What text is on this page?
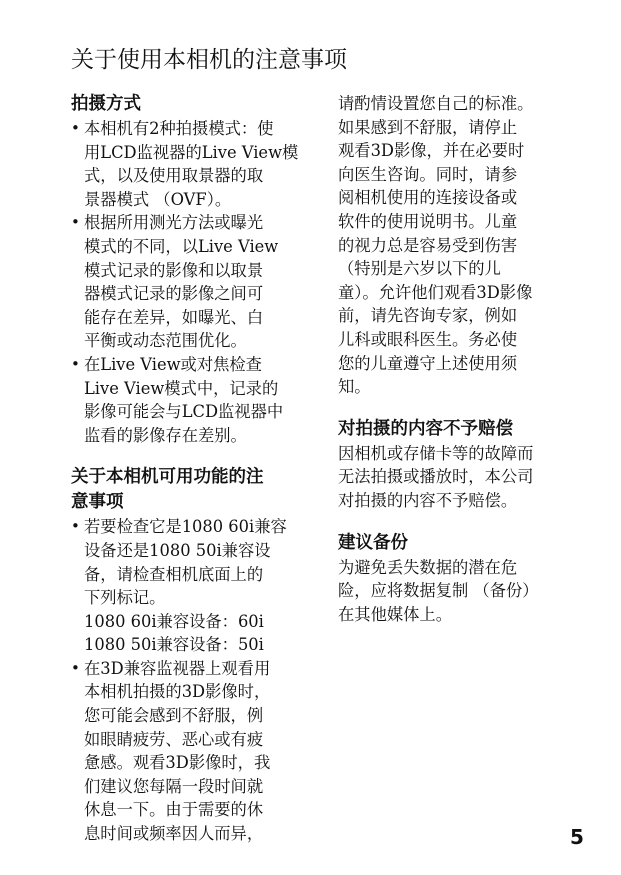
关于使用本相机的注意事项
拍摄方式
• 本相机有2种拍摄模式：使
用LCD监视器的Live View模
式，以及使用取景器的取
景器模式 （OVF）。
• 根据所用测光方法或曝光
模式的不同，以Live View
模式记录的影像和以取景
器模式记录的影像之间可
能存在差异，如曝光、白
平衡或动态范围优化。
• 在Live View或对焦检查
Live View模式中，记录的
影像可能会与LCD监视器中
监看的影像存在差别。
关于本相机可用功能的注
意事项
• 若要检查它是1080 60i兼容
设备还是1080 50i兼容设
备，请检查相机底面上的
下列标记。

1080 60i兼容设备：60i
1080 50i兼容设备：50i

• 在3D兼容监视器上观看用
本相机拍摄的3D影像时，
您可能会感到不舒服，例
如眼睛疲劳、恶心或有疲
惫感。观看3D影像时，我
们建议您每隔一段时间就
休息一下。由于需要的休
息时间或频率因人而异，

请酌情设置您自己的标准。
如果感到不舒服，请停止
观看3D影像，并在必要时
向医生咨询。同时，请参
阅相机使用的连接设备或
软件的使用说明书。儿童
的视力总是容易受到伤害
（特别是六岁以下的儿
童）。允许他们观看3D影像
前，请先咨询专家，例如
儿科或眼科医生。务必使
您的儿童遵守上述使用须
知。

对拍摄的内容不予赔偿

因相机或存储卡等的故障而
无法拍摄或播放时，本公司
对拍摄的内容不予赔偿。

建议备份

为避免丢失数据的潜在危
险，应将数据复制 （备份）
在其他媒体上。

5
